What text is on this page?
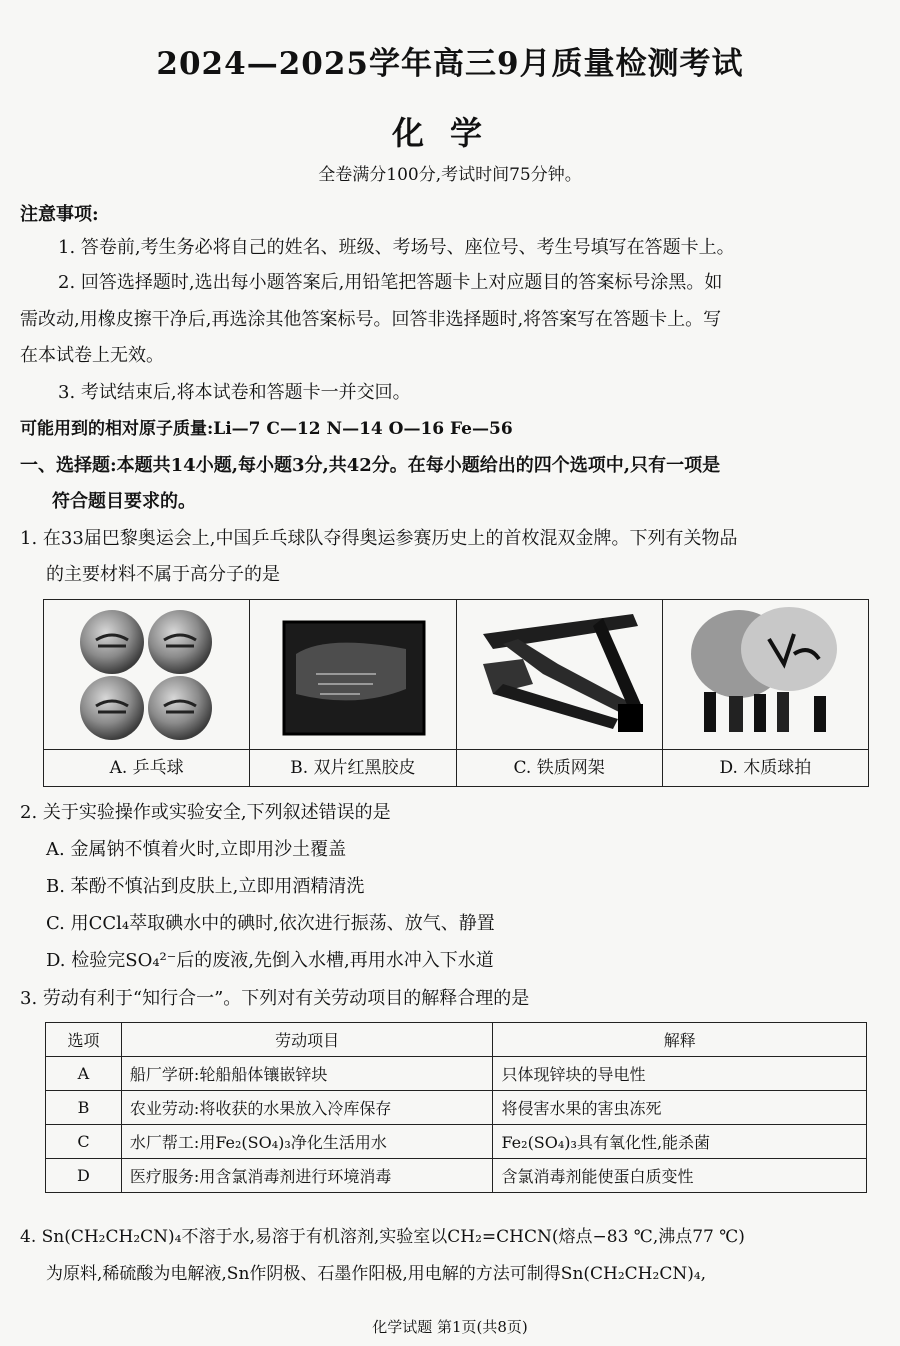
2024—2025学年高三9月质量检测考试
化学
全卷满分100分,考试时间75分钟。
注意事项:
1. 答卷前,考生务必将自己的姓名、班级、考场号、座位号、考生号填写在答题卡上。
2. 回答选择题时,选出每小题答案后,用铅笔把答题卡上对应题目的答案标号涂黑。如
需改动,用橡皮擦干净后,再选涂其他答案标号。回答非选择题时,将答案写在答题卡上。写
在本试卷上无效。
3. 考试结束后,将本试卷和答题卡一并交回。
可能用到的相对原子质量:Li—7 C—12 N—14 O—16 Fe—56
一、选择题:本题共14小题,每小题3分,共42分。在每小题给出的四个选项中,只有一项是
符合题目要求的。
1. 在33届巴黎奥运会上,中国乒乓球队夺得奥运参赛历史上的首枚混双金牌。下列有关物品
的主要材料不属于高分子的是
A. 乒乓球	B. 双片红黑胶皮	C. 铁质网架	D. 木质球拍
2. 关于实验操作或实验安全,下列叙述错误的是
A. 金属钠不慎着火时,立即用沙土覆盖
B. 苯酚不慎沾到皮肤上,立即用酒精清洗
C. 用CCl₄萃取碘水中的碘时,依次进行振荡、放气、静置
D. 检验完SO₄²⁻后的废液,先倒入水槽,再用水冲入下水道
3. 劳动有利于“知行合一”。下列对有关劳动项目的解释合理的是
选项	劳动项目	解释
A	船厂学研:轮船船体镶嵌锌块	只体现锌块的导电性
B	农业劳动:将收获的水果放入冷库保存	将侵害水果的害虫冻死
C	水厂帮工:用Fe₂(SO₄)₃净化生活用水	Fe₂(SO₄)₃具有氧化性,能杀菌
D	医疗服务:用含氯消毒剂进行环境消毒	含氯消毒剂能使蛋白质变性
4. Sn(CH₂CH₂CN)₄不溶于水,易溶于有机溶剂,实验室以CH₂=CHCN(熔点−83 ℃,沸点77 ℃)
为原料,稀硫酸为电解液,Sn作阴极、石墨作阳极,用电解的方法可制得Sn(CH₂CH₂CN)₄,
化学试题 第1页(共8页)
